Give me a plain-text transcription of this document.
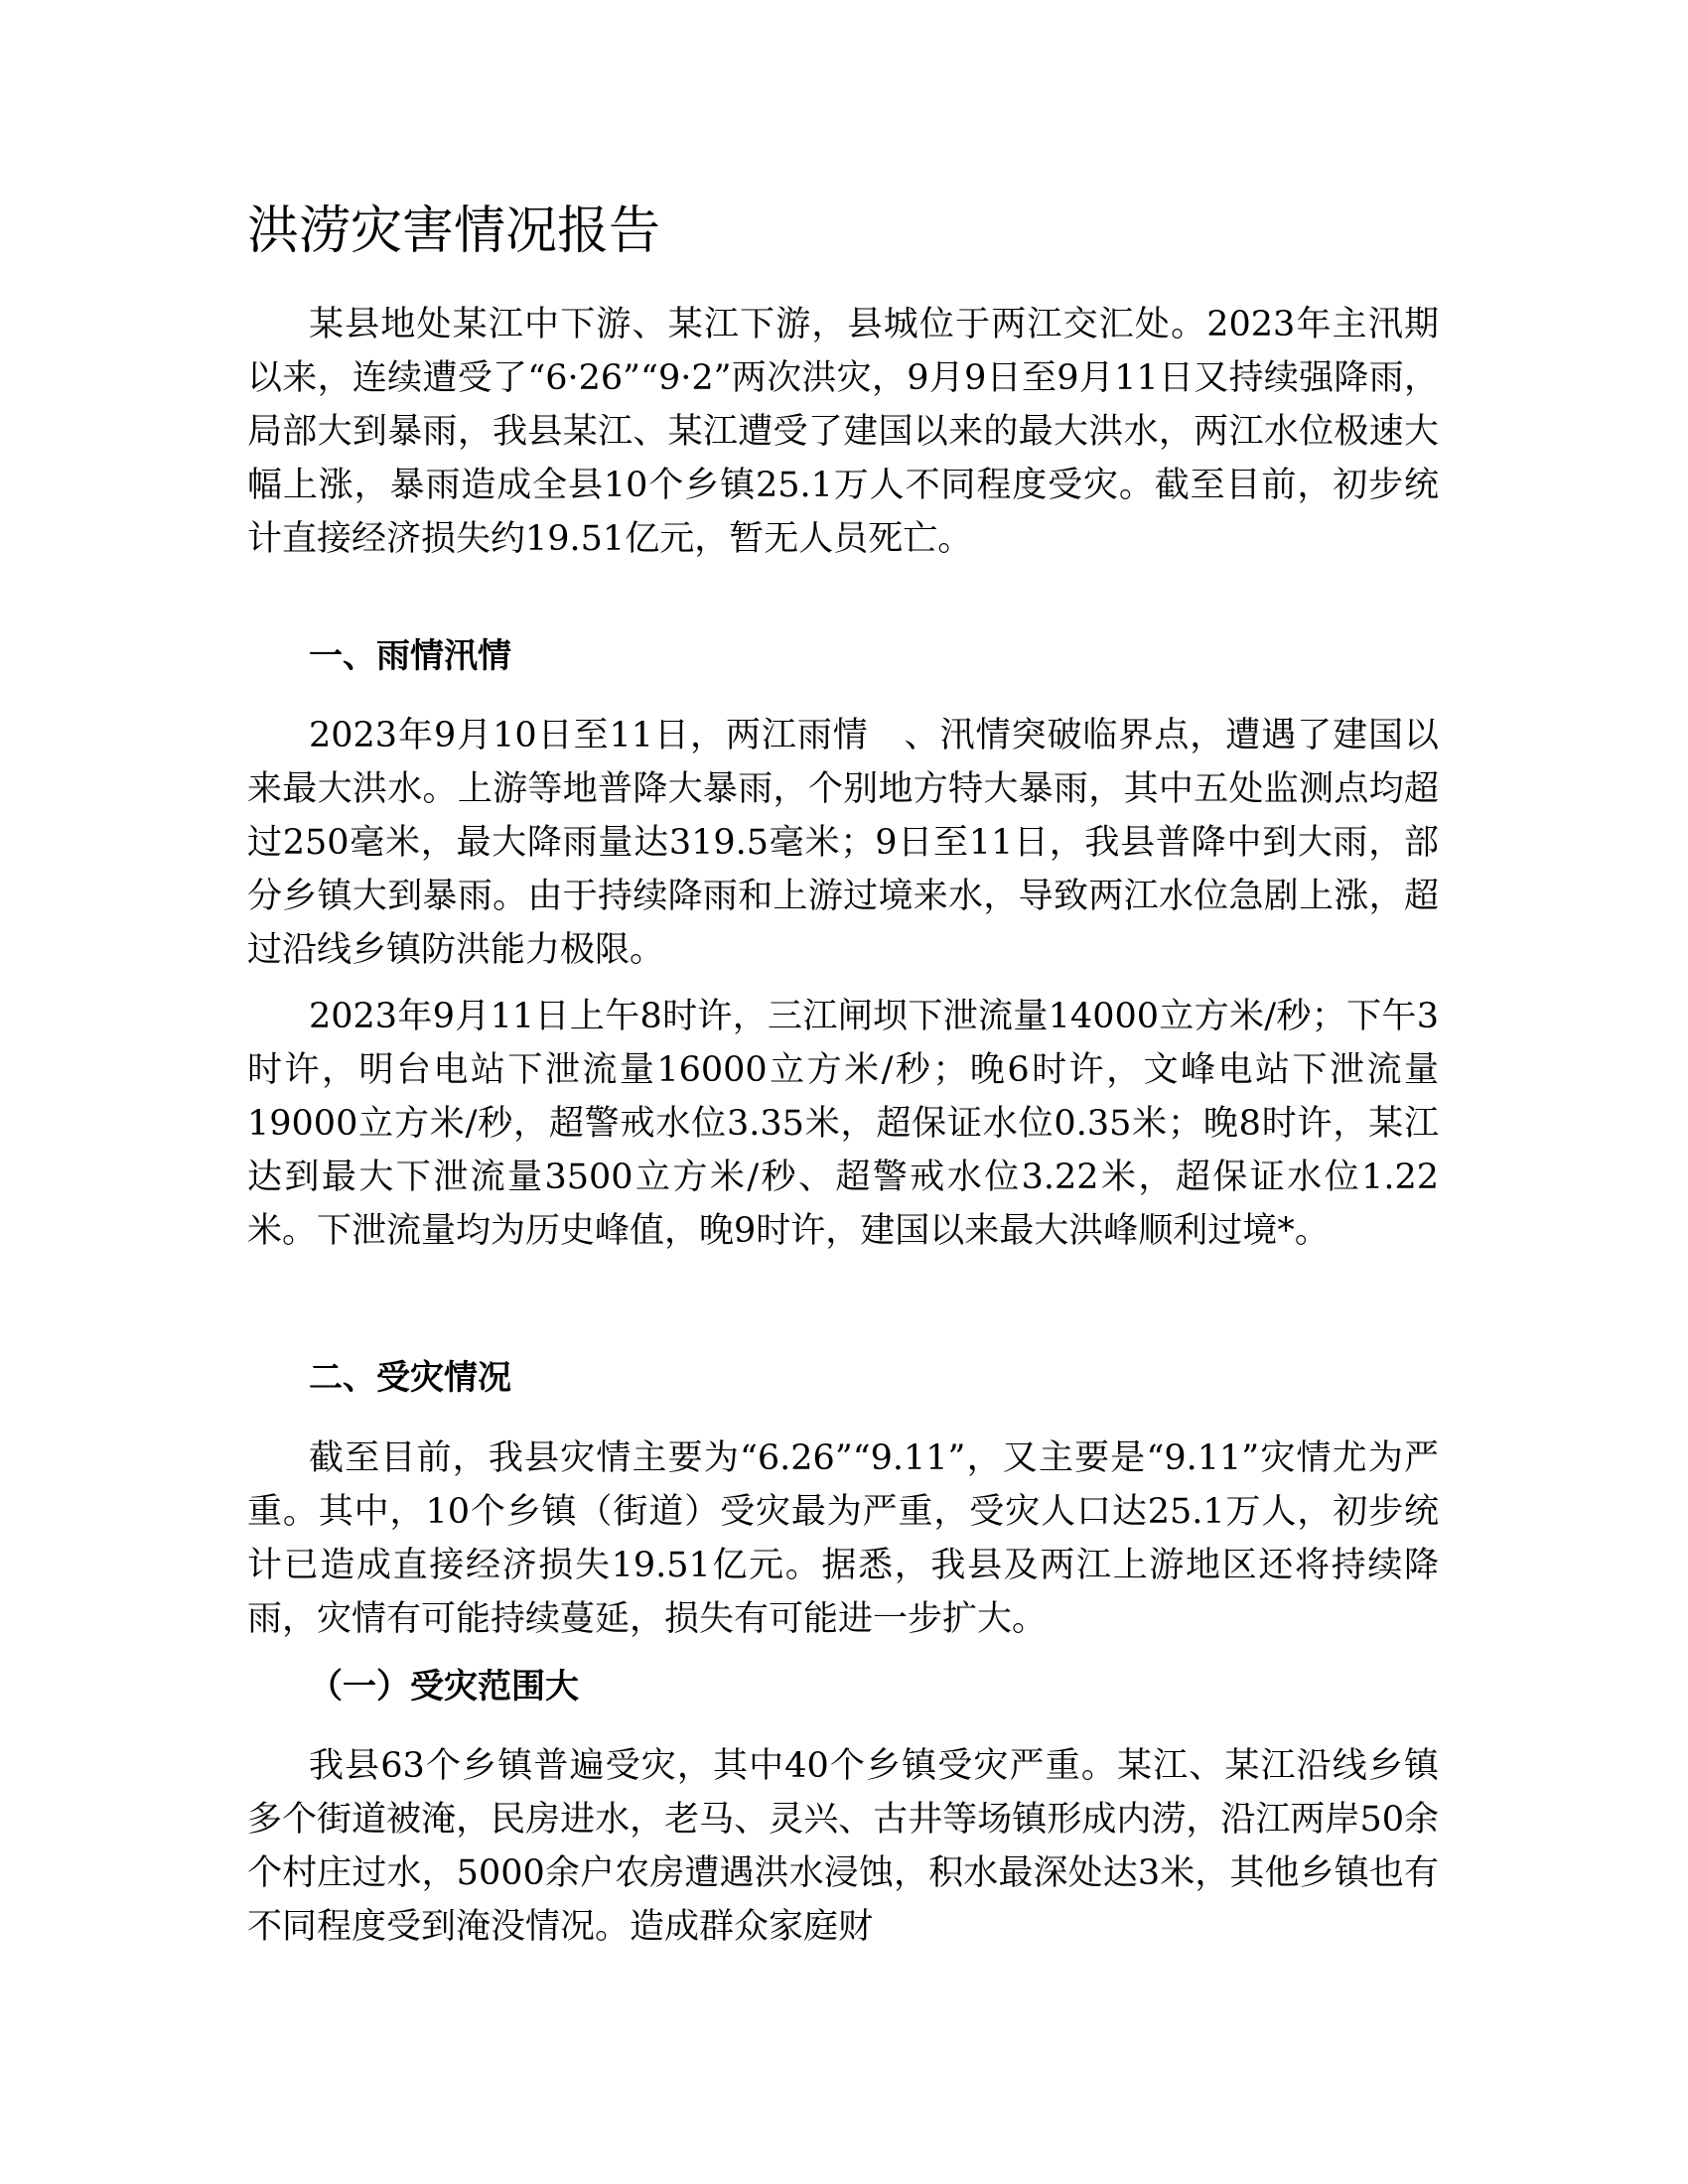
洪涝灾害情况报告

某县地处某江中下游、某江下游，县城位于两江交汇处。2023年主汛期以来，连续遭受了“6·26”“9·2”两次洪灾，9月9日至9月11日又持续强降雨，局部大到暴雨，我县某江、某江遭受了建国以来的最大洪水，两江水位极速大幅上涨，暴雨造成全县10个乡镇25.1万人不同程度受灾。截至目前，初步统计直接经济损失约19.51亿元，暂无人员死亡。

一、雨情汛情

2023年9月10日至11日，两江雨情　、汛情突破临界点，遭遇了建国以来最大洪水。上游等地普降大暴雨，个别地方特大暴雨，其中五处监测点均超过250毫米，最大降雨量达319.5毫米；9日至11日，我县普降中到大雨，部分乡镇大到暴雨。由于持续降雨和上游过境来水，导致两江水位急剧上涨，超过沿线乡镇防洪能力极限。

2023年9月11日上午8时许，三江闸坝下泄流量14000立方米/秒；下午3时许，明台电站下泄流量16000立方米/秒；晚6时许，文峰电站下泄流量19000立方米/秒，超警戒水位3.35米，超保证水位0.35米；晚8时许，某江达到最大下泄流量3500立方米/秒、超警戒水位3.22米，超保证水位1.22米。下泄流量均为历史峰值，晚9时许，建国以来最大洪峰顺利过境*。

二、受灾情况

截至目前，我县灾情主要为“6.26”“9.11”，又主要是“9.11”灾情尤为严重。其中，10个乡镇（街道）受灾最为严重，受灾人口达25.1万人，初步统计已造成直接经济损失19.51亿元。据悉，我县及两江上游地区还将持续降雨，灾情有可能持续蔓延，损失有可能进一步扩大。

（一）受灾范围大

我县63个乡镇普遍受灾，其中40个乡镇受灾严重。某江、某江沿线乡镇多个街道被淹，民房进水，老马、灵兴、古井等场镇形成内涝，沿江两岸50余个村庄过水，5000余户农房遭遇洪水浸蚀，积水最深处达3米，其他乡镇也有不同程度受到淹没情况。造成群众家庭财
